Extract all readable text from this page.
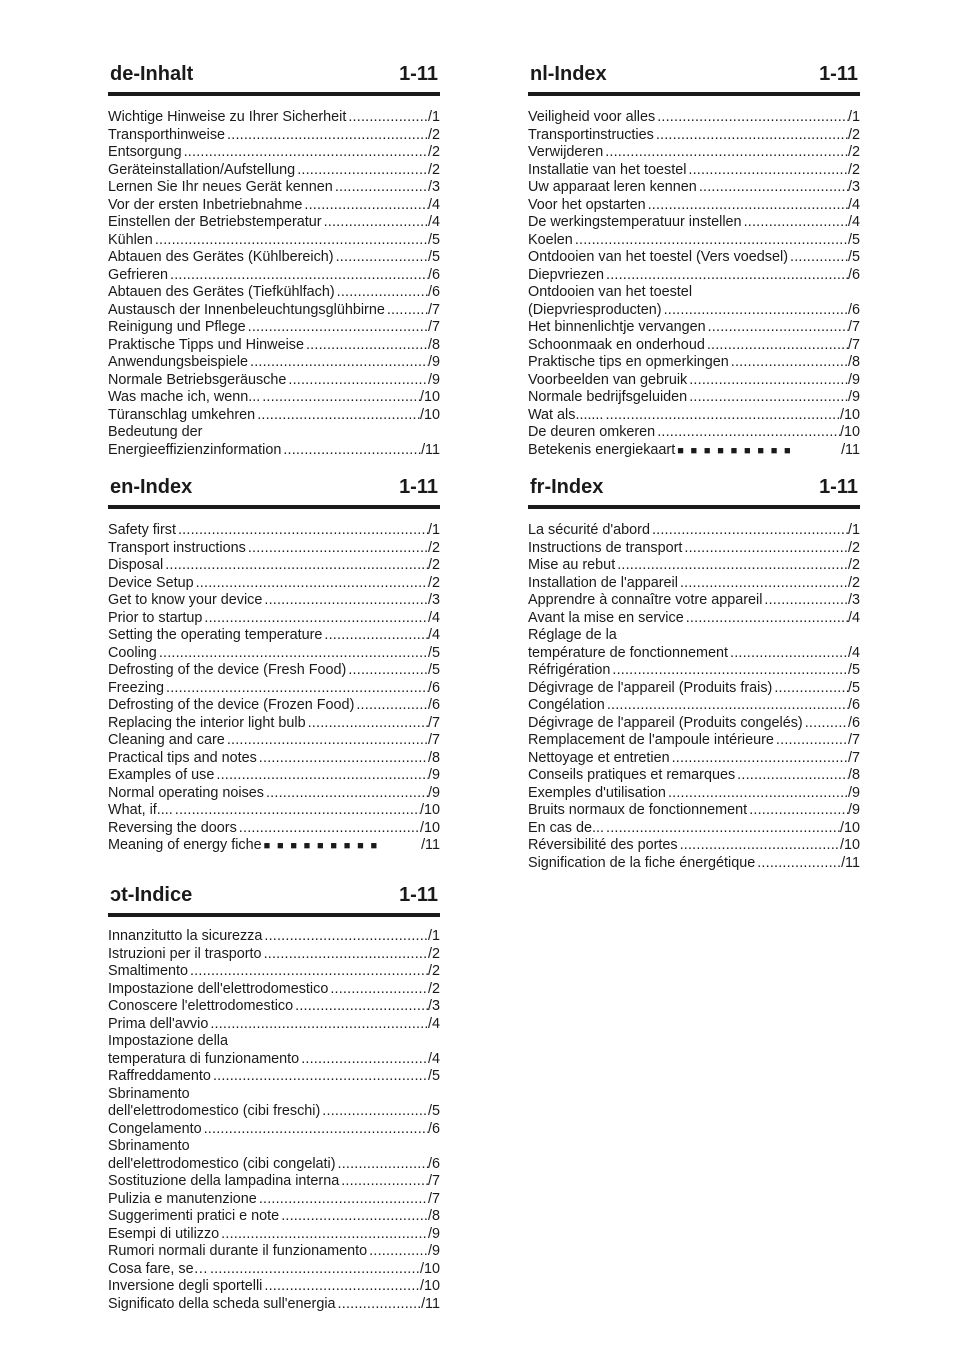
de-Inhalt	1-11
Wichtige Hinweise zu Ihrer Sicherheit .....	/1
Transporthinweise .....	/2
Entsorgung .....	/2
Geräteinstallation/Aufstellung .....	/2
Lernen Sie Ihr neues Gerät kennen .....	/3
Vor der ersten Inbetriebnahme .....	/4
Einstellen der Betriebstemperatur .....	/4
Kühlen .....	/5
Abtauen des Gerätes (Kühlbereich) .....	/5
Gefrieren .....	/6
Abtauen des Gerätes (Tiefkühlfach) .....	/6
Austausch der Innenbeleuchtungsglühbirne .....	/7
Reinigung und Pflege .....	/7
Praktische Tipps und Hinweise .....	/8
Anwendungsbeispiele .....	/9
Normale Betriebsgeräusche .....	/9
Was mache ich, wenn... .....	/10
Türanschlag umkehren .....	/10
Bedeutung der
Energieeffizienzinformation .....	/11
nl-Index	1-11
Veiligheid voor alles .....	/1
Transportinstructies .....	/2
Verwijderen .....	/2
Installatie van het toestel .....	/2
Uw apparaat leren kennen .....	/3
Voor het opstarten .....	/4
De werkingstemperatuur instellen .....	/4
Koelen .....	/5
Ontdooien van het toestel (Vers voedsel) .....	/5
Diepvriezen .....	/6
Ontdooien van het toestel
(Diepvriesproducten) .....	/6
Het binnenlichtje vervangen .....	/7
Schoonmaak en onderhoud .....	/7
Praktische tips en opmerkingen .....	/8
Voorbeelden van gebruik .....	/9
Normale bedrijfsgeluiden .....	/9
Wat als....... .....	/10
De deuren omkeren .....	/10
Betekenis energiekaart ■  ■  ■  ■  ■  ■  ■  ■  ■	/11
en-Index	1-11
Safety first .....	/1
Transport instructions .....	/2
Disposal .....	/2
Device Setup .....	/2
Get to know your device .....	/3
Prior to startup .....	/4
Setting the operating temperature .....	/4
Cooling .....	/5
Defrosting of the device (Fresh Food) .....	/5
Freezing .....	/6
Defrosting of the device (Frozen Food) .....	/6
Replacing the interior light bulb .....	/7
Cleaning and care .....	/7
Practical tips and notes .....	/8
Examples of use .....	/9
Normal operating noises .....	/9
What, if.... .....	/10
Reversing the doors .....	/10
Meaning of energy fiche ■  ■  ■  ■  ■  ■  ■  ■  ■	/11
fr-Index	1-11
La sécurité d'abord .....	/1
Instructions de transport .....	/2
Mise au rebut .....	/2
Installation de l'appareil .....	/2
Apprendre à connaître votre appareil .....	/3
Avant la mise en service .....	/4
Réglage de la
température de fonctionnement .....	/4
Réfrigération .....	/5
Dégivrage de l'appareil (Produits frais) .....	/5
Congélation .....	/6
Dégivrage de l'appareil (Produits congelés) .....	/6
Remplacement de l'ampoule intérieure .....	/7
Nettoyage et entretien .....	/7
Conseils pratiques et remarques .....	/8
Exemples d'utilisation .....	/9
Bruits normaux de fonctionnement .....	/9
En cas de... .....	/10
Réversibilité des portes .....	/10
Signification de la fiche énergétique .....	/11
ɔt-Indice	1-11
Innanzitutto la sicurezza .....	/1
Istruzioni per il trasporto .....	/2
Smaltimento .....	/2
Impostazione dell'elettrodomestico .....	/2
Conoscere l'elettrodomestico .....	/3
Prima dell'avvio .....	/4
Impostazione della
temperatura di funzionamento .....	/4
Raffreddamento .....	/5
Sbrinamento
dell'elettrodomestico (cibi freschi) .....	/5
Congelamento .....	/6
Sbrinamento
dell'elettrodomestico (cibi congelati) .....	/6
Sostituzione della lampadina interna .....	/7
Pulizia e manutenzione .....	/7
Suggerimenti pratici e note .....	/8
Esempi di utilizzo .....	/9
Rumori normali durante il funzionamento .....	/9
Cosa fare, se… .....	/10
Inversione degli sportelli .....	/10
Significato della scheda sull'energia .....	/11
